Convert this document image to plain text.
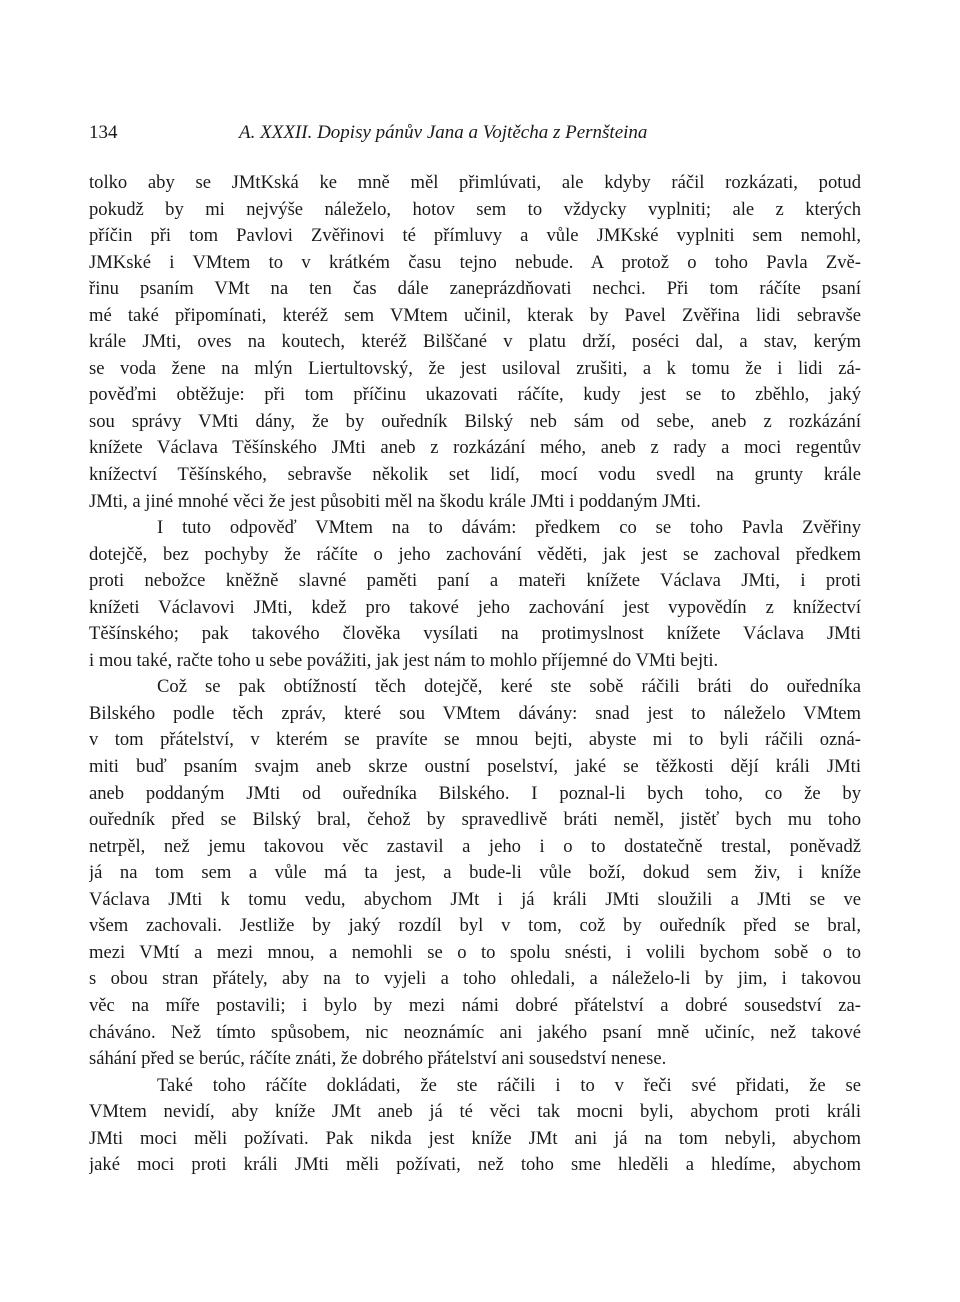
134	A. XXXII. Dopisy pánův Jana a Vojtěcha z Pernšteina
tolko aby se JMtKská ke mně měl přimlúvati, ale kdyby ráčil rozkázati, potud
pokudž by mi nejvýše náleželo, hotov sem to vždycky vyplniti; ale z kterých
příčin při tom Pavlovi Zvěřinovi té přímluvy a vůle JMKské vyplniti sem nemohl,
JMKské i VMtem to v krátkém času tejno nebude. A protož o toho Pavla Zvě-
řinu psaním VMt na ten čas dále zaneprázdňovati nechci. Při tom ráčíte psaní
mé také připomínati, kteréž sem VMtem učinil, kterak by Pavel Zvěřina lidi sebravše
krále JMti, oves na koutech, kteréž Bilščané v platu drží, poséci dal, a stav, kerým
se voda žene na mlýn Liertultovský, že jest usiloval zrušiti, a k tomu že i lidi zá-
pověďmi obtěžuje: při tom příčinu ukazovati ráčíte, kudy jest se to zběhlo, jaký
sou správy VMti dány, že by ouředník Bilský neb sám od sebe, aneb z rozkázání
knížete Václava Těšínského JMti aneb z rozkázání mého, aneb z rady a moci regentův
knížectví Těšínského, sebravše několik set lidí, mocí vodu svedl na grunty krále
JMti, a jiné mnohé věci že jest působiti měl na škodu krále JMti i poddaným JMti.
I tuto odpověď VMtem na to dávám: předkem co se toho Pavla Zvěřiny
dotejčě, bez pochyby že ráčíte o jeho zachování věděti, jak jest se zachoval předkem
proti nebožce kněžně slavné paměti paní a mateři knížete Václava JMti, i proti
knížeti Václavovi JMti, kdež pro takové jeho zachování jest vypovědín z knížectví
Těšínského; pak takového člověka vysílati na protimyslnost knížete Václava JMti
i mou také, račte toho u sebe povážiti, jak jest nám to mohlo příjemné do VMti bejti.
Což se pak obtížností těch dotejčě, keré ste sobě ráčili bráti do ouředníka
Bilského podle těch zpráv, které sou VMtem dávány: snad jest to náleželo VMtem
v tom přátelství, v kterém se pravíte se mnou bejti, abyste mi to byli ráčili ozná-
miti buď psaním svajm aneb skrze oustní poselství, jaké se těžkosti dějí králi JMti
aneb poddaným JMti od ouředníka Bilského. I poznal-li bych toho, co že by
ouředník před se Bilský bral, čehož by spravedlivě bráti neměl, jistěť bych mu toho
netrpěl, než jemu takovou věc zastavil a jeho i o to dostatečně trestal, poněvadž
já na tom sem a vůle má ta jest, a bude-li vůle boží, dokud sem živ, i kníže
Václava JMti k tomu vedu, abychom JMt i já králi JMti sloužili a JMti se ve
všem zachovali. Jestližе by jaký rozdíl byl v tom, což by ouředník před se bral,
mezi VMtí a mezi mnou, a nemohli se o to spolu snésti, i volili bychom sobě o to
s obou stran přátely, aby na to vyjeli a toho ohledali, a náleželo-li by jim, i takovou
věc na míře postavili; i bylo by mezi námi dobré přátelství a dobré sousedství za-
cháváno. Než tímto spůsobem, nic neoznámíc ani jakého psaní mně učiníc, než takové
sáhání před se berúc, ráčíte znáti, že dobrého přátelství ani sousedství nenese.
Také toho ráčíte dokládati, že ste ráčili i to v řeči své přidati, že se
VMtem nevidí, aby kníže JMt aneb já té věci tak mocni byli, abychom proti králi
JMti moci měli požívati. Pak nikda jest kníže JMt ani já na tom nebyli, abychom
jaké moci proti králi JMti měli požívati, než toho sme hleděli a hledíme, abychom
